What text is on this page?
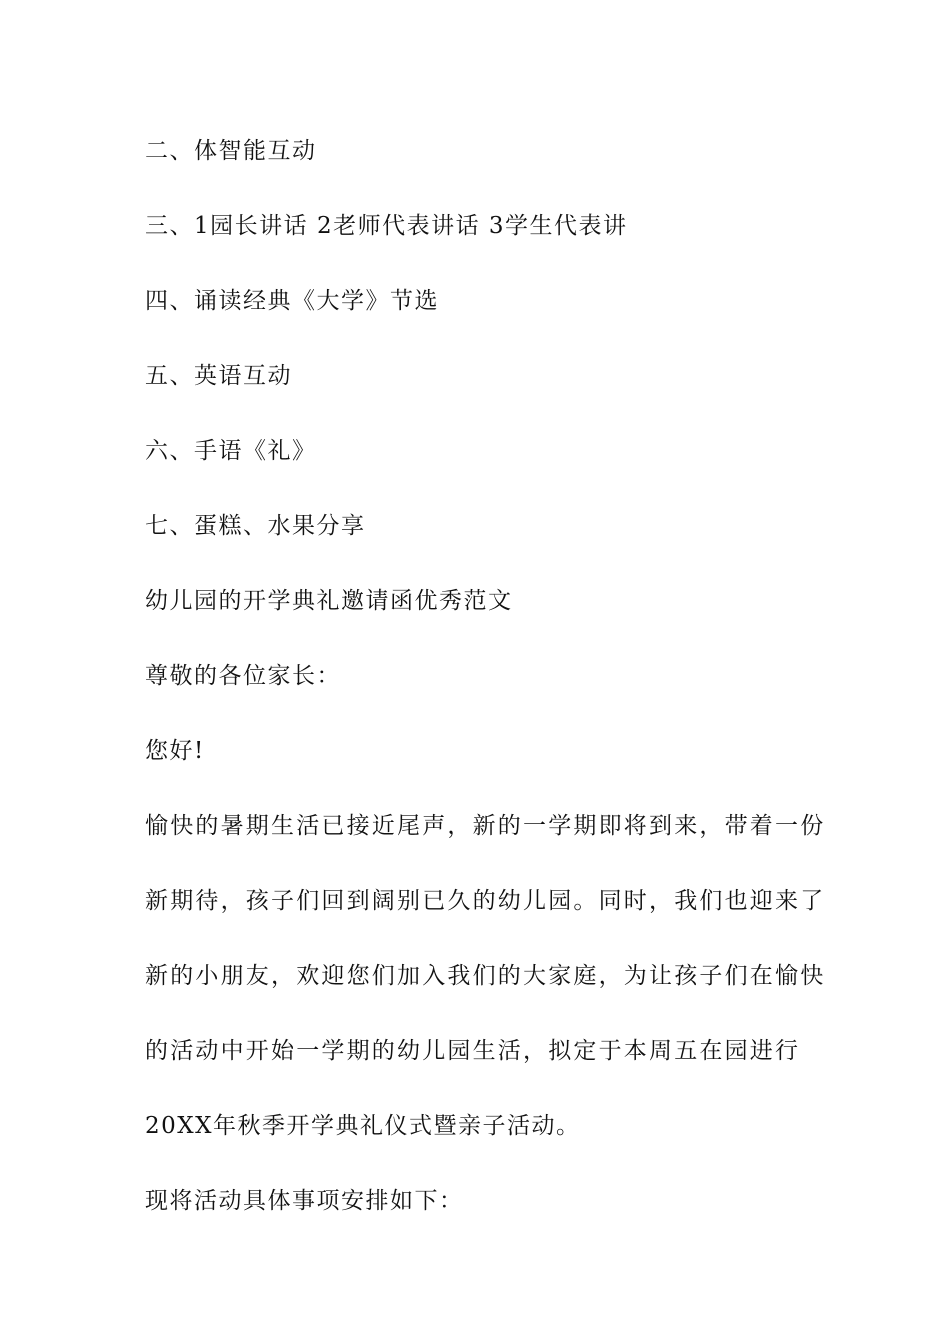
二、体智能互动
三、1园长讲话 2老师代表讲话 3学生代表讲
四、诵读经典《大学》节选
五、英语互动
六、手语《礼》
七、蛋糕、水果分享
幼儿园的开学典礼邀请函优秀范文
尊敬的各位家长：
您好!
愉快的暑期生活已接近尾声，新的一学期即将到来，带着一份
新期待，孩子们回到阔别已久的幼儿园。同时，我们也迎来了
新的小朋友，欢迎您们加入我们的大家庭，为让孩子们在愉快
的活动中开始一学期的幼儿园生活，拟定于本周五在园进行
20XX年秋季开学典礼仪式暨亲子活动。
现将活动具体事项安排如下：
